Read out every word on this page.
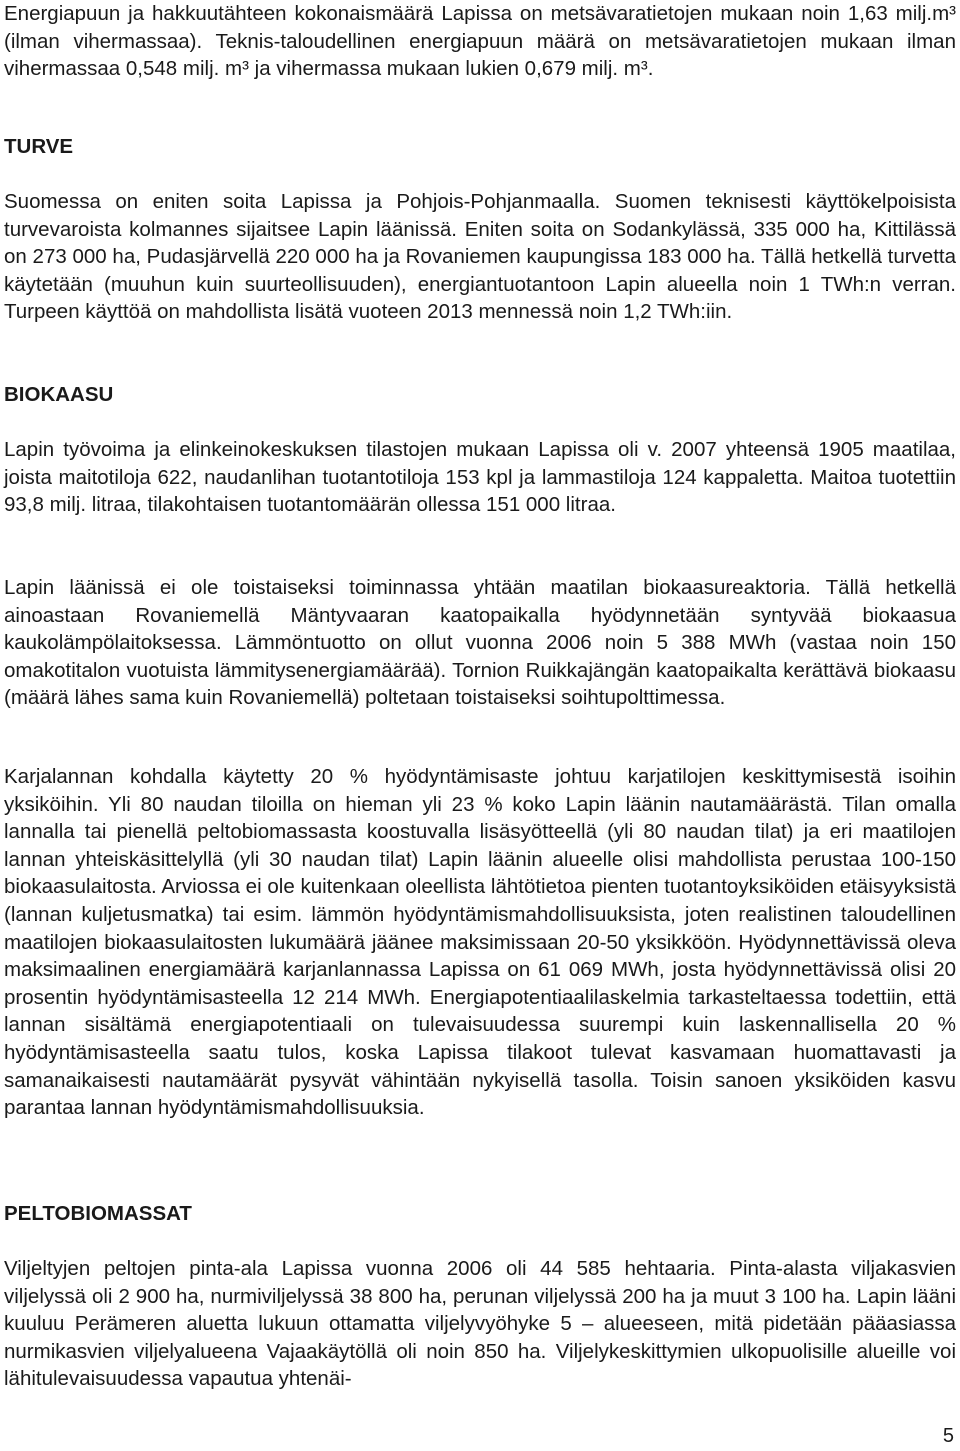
Energiapuun ja hakkuutähteen kokonaismäärä Lapissa on metsävaratietojen mukaan noin 1,63 milj.m³ (ilman vihermassaa). Teknis-taloudellinen energiapuun määrä on metsävaratietojen mukaan ilman vihermassaa 0,548 milj. m³ ja vihermassa mukaan lukien 0,679 milj. m³.

TURVE

Suomessa on eniten soita Lapissa ja Pohjois-Pohjanmaalla. Suomen teknisesti käyttökelpoisista turvevaroista kolmannes sijaitsee Lapin läänissä. Eniten soita on Sodankylässä, 335 000 ha, Kittilässä on 273 000 ha, Pudasjärvellä 220 000 ha ja Rovaniemen kaupungissa 183 000 ha. Tällä hetkellä turvetta käytetään (muuhun kuin suurteollisuuden), energiantuotantoon Lapin alueella noin 1 TWh:n verran. Turpeen käyttöä on mahdollista lisätä vuoteen 2013 mennessä noin 1,2 TWh:iin.

BIOKAASU

Lapin työvoima ja elinkeinokeskuksen tilastojen mukaan Lapissa oli v. 2007 yhteensä 1905 maatilaa, joista maitotiloja 622, naudanlihan tuotantotiloja 153 kpl ja lammastiloja 124 kappaletta. Maitoa tuotettiin 93,8 milj. litraa, tilakohtaisen tuotantomäärän ollessa 151 000 litraa.

Lapin läänissä ei ole toistaiseksi toiminnassa yhtään maatilan biokaasureaktoria. Tällä hetkellä ainoastaan Rovaniemellä Mäntyvaaran kaatopaikalla hyödynnetään syntyvää biokaasua kaukolämpölaitoksessa. Lämmöntuotto on ollut vuonna 2006 noin 5 388 MWh (vastaa noin 150 omakotitalon vuotuista lämmitysenergiamäärää). Tornion Ruikkajängän kaatopaikalta kerättävä biokaasu (määrä lähes sama kuin Rovaniemellä) poltetaan toistaiseksi soihtupolttimessa.

Karjalannan kohdalla käytetty 20 % hyödyntämisaste johtuu karjatilojen keskittymisestä isoihin yksiköihin. Yli 80 naudan tiloilla on hieman yli 23 % koko Lapin läänin nautamäärästä. Tilan omalla lannalla tai pienellä peltobiomassasta koostuvalla lisäsyötteellä (yli 80 naudan tilat) ja eri maatilojen lannan yhteiskäsittelyllä (yli 30 naudan tilat) Lapin läänin alueelle olisi mahdollista perustaa 100-150 biokaasulaitosta. Arviossa ei ole kuitenkaan oleellista lähtötietoa pienten tuotantoyksiköiden etäisyyksistä (lannan kuljetusmatka) tai esim. lämmön hyödyntämismahdollisuuksista, joten realistinen taloudellinen maatilojen biokaasulaitosten lukumäärä jäänee maksimissaan 20-50 yksikköön. Hyödynnettävissä oleva maksimaalinen energiamäärä karjanlannassa Lapissa on 61 069 MWh, josta hyödynnettävissä olisi 20 prosentin hyödyntämisasteella 12 214 MWh. Energiapotentiaalilaskelmia tarkasteltaessa todettiin, että lannan sisältämä energiapotentiaali on tulevaisuudessa suurempi kuin laskennallisella 20 % hyödyntämisasteella saatu tulos, koska Lapissa tilakoot tulevat kasvamaan huomattavasti ja samanaikaisesti nautamäärät pysyvät vähintään nykyisellä tasolla. Toisin sanoen yksiköiden kasvu parantaa lannan hyödyntämismahdollisuuksia.

PELTOBIOMASSAT

Viljeltyjen peltojen pinta-ala Lapissa vuonna 2006 oli 44 585 hehtaaria. Pinta-alasta viljakasvien viljelyssä oli 2 900 ha, nurmiviljelyssä 38 800 ha, perunan viljelyssä 200 ha ja muut 3 100 ha. Lapin lääni kuuluu Perämeren aluetta lukuun ottamatta viljelyvyöhyke 5 – alueeseen, mitä pidetään pääasiassa nurmikasvien viljelyalueena Vajaakäytöllä oli noin 850 ha. Viljelykeskittymien ulkopuolisille alueille voi lähitulevaisuudessa vapautua yhtenäi-

5
